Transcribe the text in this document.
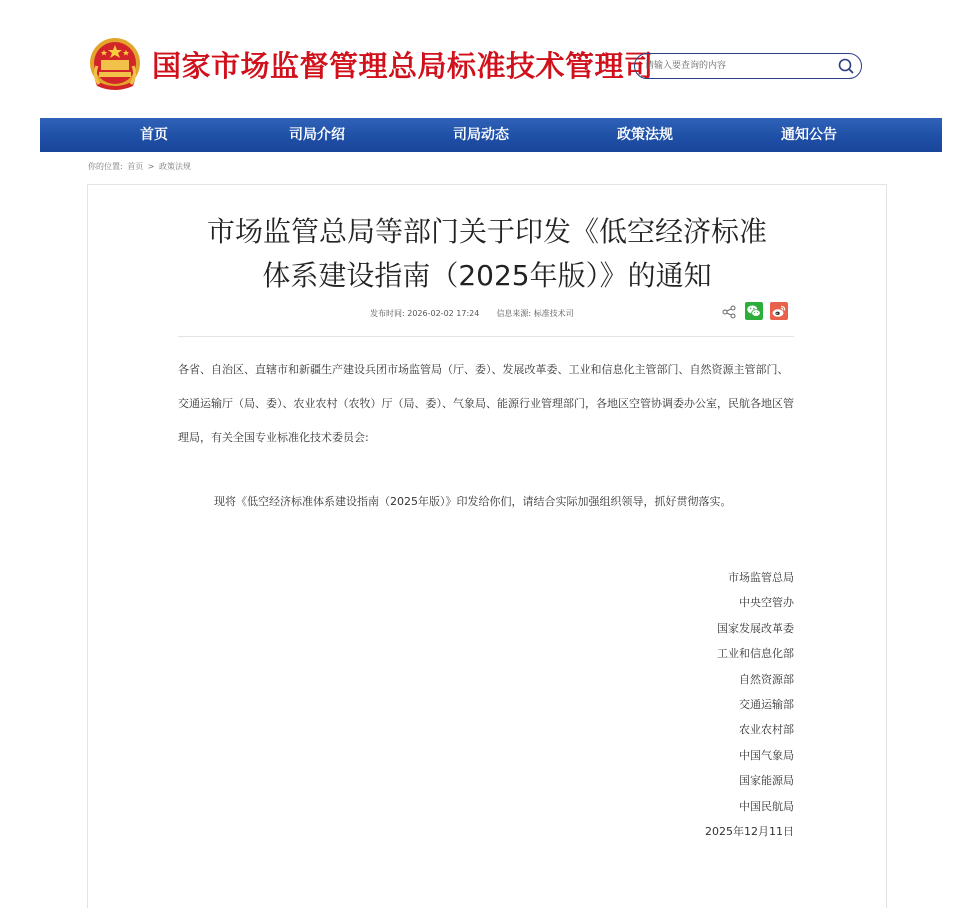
国家市场监督管理总局标准技术管理司
请输入要查询的内容
首页	司局介绍	司局动态	政策法规	通知公告
你的位置: 首页 > 政策法规
市场监管总局等部门关于印发《低空经济标准
体系建设指南（2025年版）》的通知
发布时间: 2026-02-02 17:24 信息来源: 标准技术司
各省、自治区、直辖市和新疆生产建设兵团市场监管局（厅、委）、发展改革委、工业和信息化主管部门、自然资源主管部门、交通运输厅（局、委）、农业农村（农牧）厅（局、委）、气象局、能源行业管理部门，各地区空管协调委办公室，民航各地区管理局，有关全国专业标准化技术委员会:
现将《低空经济标准体系建设指南（2025年版）》印发给你们，请结合实际加强组织领导，抓好贯彻落实。
市场监管总局
中央空管办
国家发展改革委
工业和信息化部
自然资源部
交通运输部
农业农村部
中国气象局
国家能源局
中国民航局
2025年12月11日
